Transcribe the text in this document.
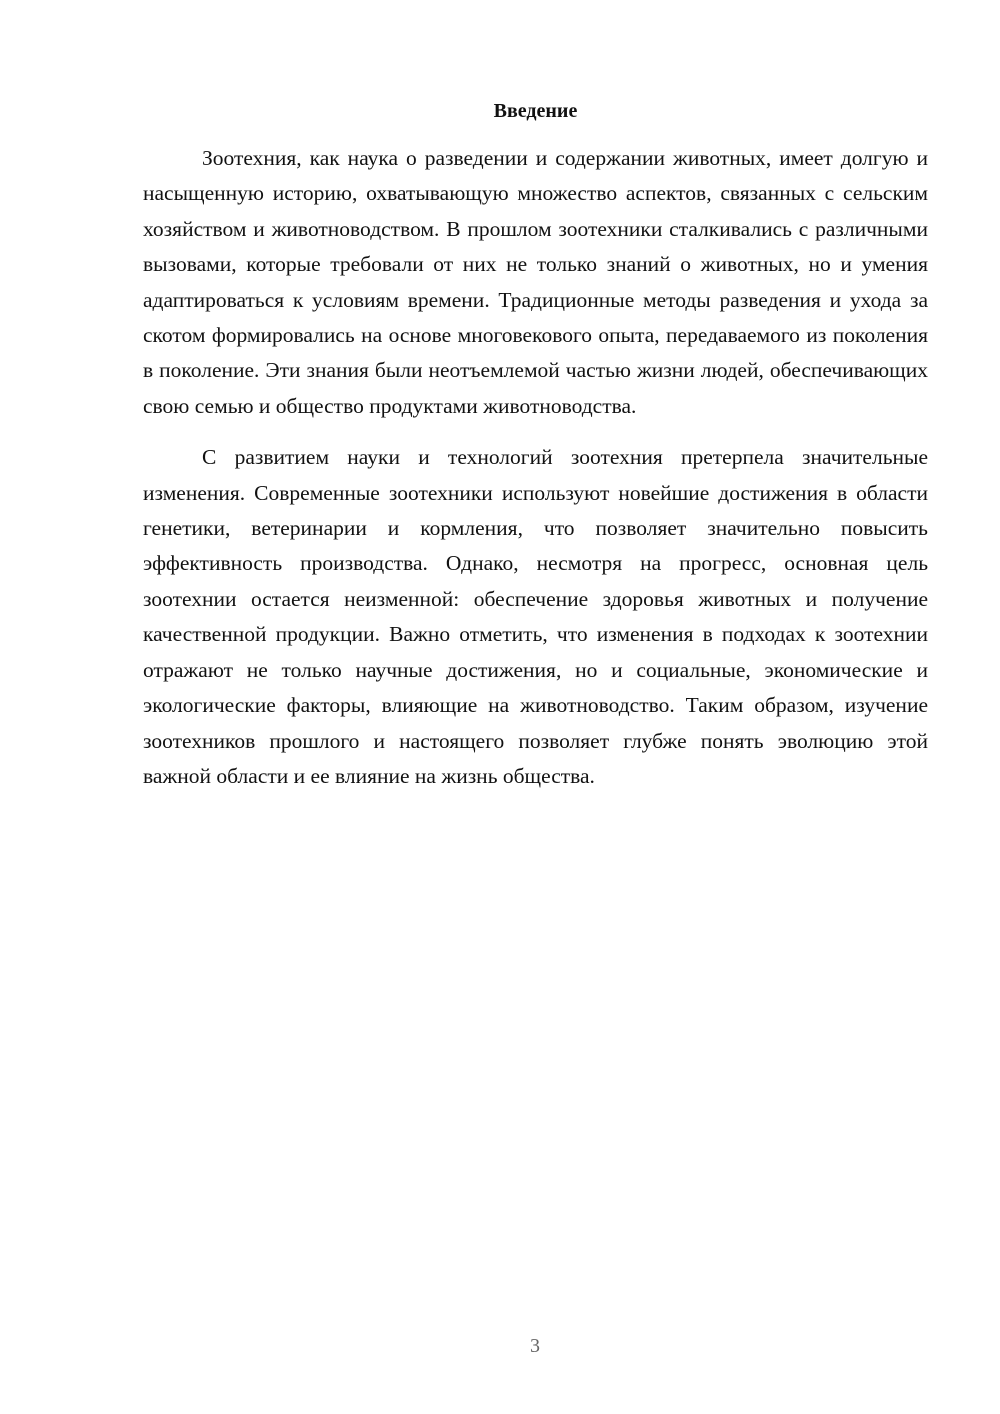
Введение

Зоотехния, как наука о разведении и содержании животных, имеет долгую и насыщенную историю, охватывающую множество аспектов, связанных с сельским хозяйством и животноводством. В прошлом зоотехники сталкивались с различными вызовами, которые требовали от них не только знаний о животных, но и умения адаптироваться к условиям времени. Традиционные методы разведения и ухода за скотом формировались на основе многовекового опыта, передаваемого из поколения в поколение. Эти знания были неотъемлемой частью жизни людей, обеспечивающих свою семью и общество продуктами животноводства.

С развитием науки и технологий зоотехния претерпела значительные изменения. Современные зоотехники используют новейшие достижения в области генетики, ветеринарии и кормления, что позволяет значительно повысить эффективность производства. Однако, несмотря на прогресс, основная цель зоотехнии остается неизменной: обеспечение здоровья животных и получение качественной продукции. Важно отметить, что изменения в подходах к зоотехнии отражают не только научные достижения, но и социальные, экономические и экологические факторы, влияющие на животноводство. Таким образом, изучение зоотехников прошлого и настоящего позволяет глубже понять эволюцию этой важной области и ее влияние на жизнь общества.

3
